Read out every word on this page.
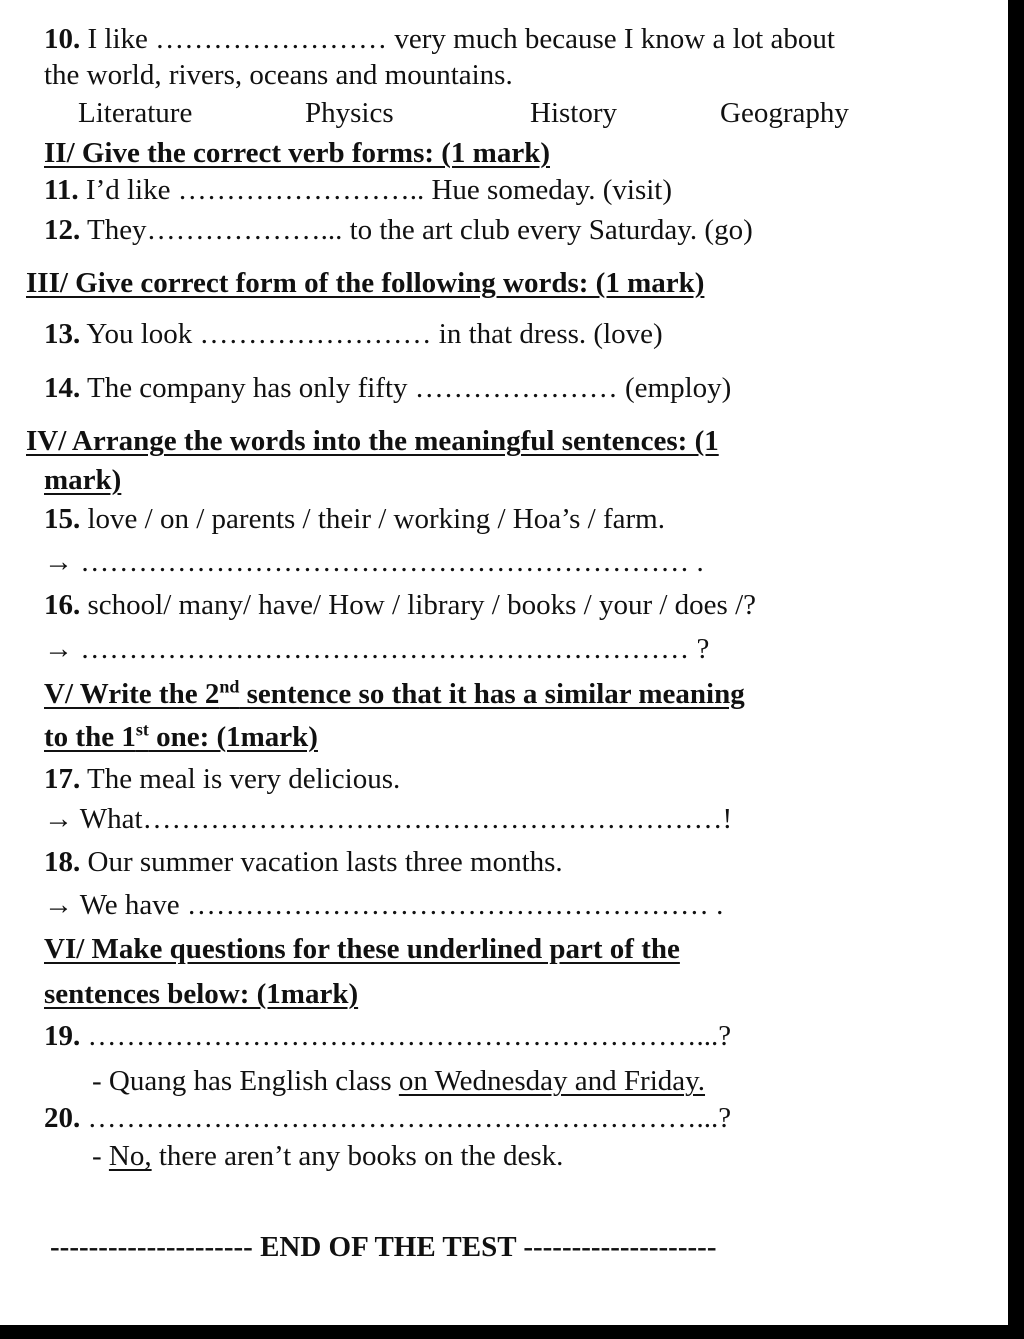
10. I like …………………… very much because I know a lot about
the world, rivers, oceans and mountains.
Literature	Physics	History	Geography
II/ Give the correct verb forms: (1 mark)
11. I’d like …………………….. Hue someday. (visit)
12. They………………... to the art club every Saturday. (go)
III/ Give correct form of the following words: (1 mark)
13. You look …………………… in that dress. (love)
14. The company has only fifty ………………… (employ)
IV/ Arrange the words into the meaningful sentences: (1
mark)
15. love / on / parents / their / working / Hoa’s / farm.
→ ……………………………………………………… .
16. school/ many/ have/ How / library / books / your / does /?
→ ……………………………………………………… ?
V/ Write the 2nd sentence so that it has a similar meaning
to the 1st one: (1mark)
17. The meal is very delicious.
→ What……………………………………………………!
18. Our summer vacation lasts three months.
→ We have ……………………………………………… .
VI/ Make questions for these underlined part of the
sentences below: (1mark)
19. ………………………………………………………...?
- Quang has English class on Wednesday and Friday.
20. ………………………………………………………...?
- No, there aren’t any books on the desk.
--------------------- END OF THE TEST --------------------
